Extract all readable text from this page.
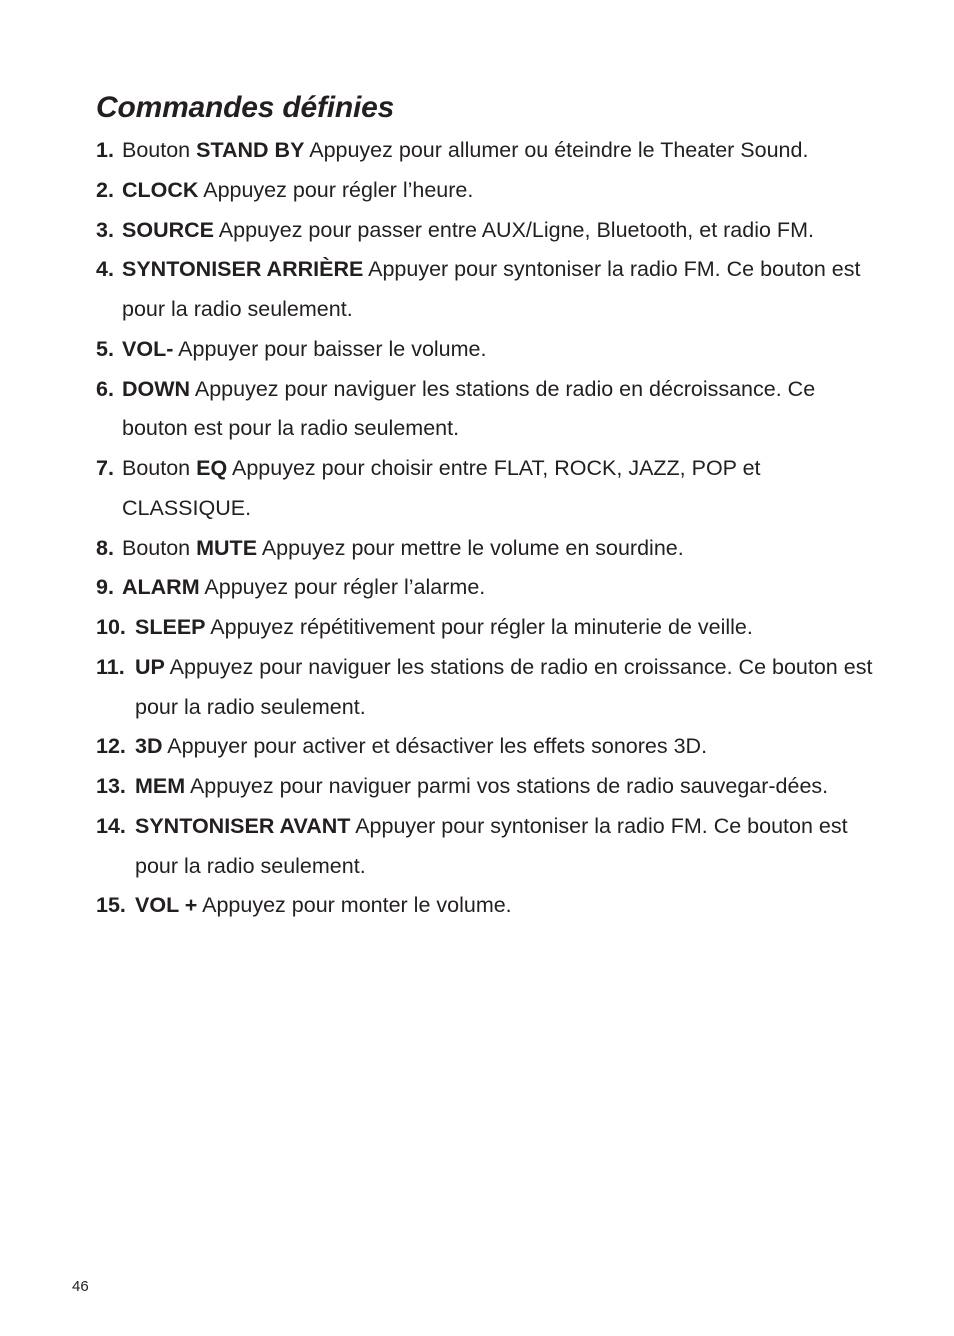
Commandes définies
1. Bouton STAND BY Appuyez pour allumer ou éteindre le Theater Sound.

2. CLOCK Appuyez pour régler l’heure.

3. SOURCE Appuyez pour passer entre AUX/Ligne, Bluetooth, et radio FM.

4. SYNTONISER ARRIÈRE Appuyer pour syntoniser la radio FM. Ce bouton est pour la radio seulement.

5. VOL- Appuyer pour baisser le volume.

6. DOWN Appuyez pour naviguer les stations de radio en décroissance. Ce bouton est pour la radio seulement.

7. Bouton EQ Appuyez pour choisir entre FLAT, ROCK, JAZZ, POP et CLASSIQUE.

8. Bouton MUTE Appuyez pour mettre le volume en sourdine.

9. ALARM Appuyez pour régler l’alarme.

10. SLEEP Appuyez répétitivement pour régler la minuterie de veille.

11. UP Appuyez pour naviguer les stations de radio en croissance. Ce bouton est pour la radio seulement.

12. 3D Appuyer pour activer et désactiver les effets sonores 3D.

13. MEM Appuyez pour naviguer parmi vos stations de radio sauvegar-dées.

14. SYNTONISER AVANT Appuyer pour syntoniser la radio FM. Ce bouton est pour la radio seulement.

15. VOL + Appuyez pour monter le volume.

46
